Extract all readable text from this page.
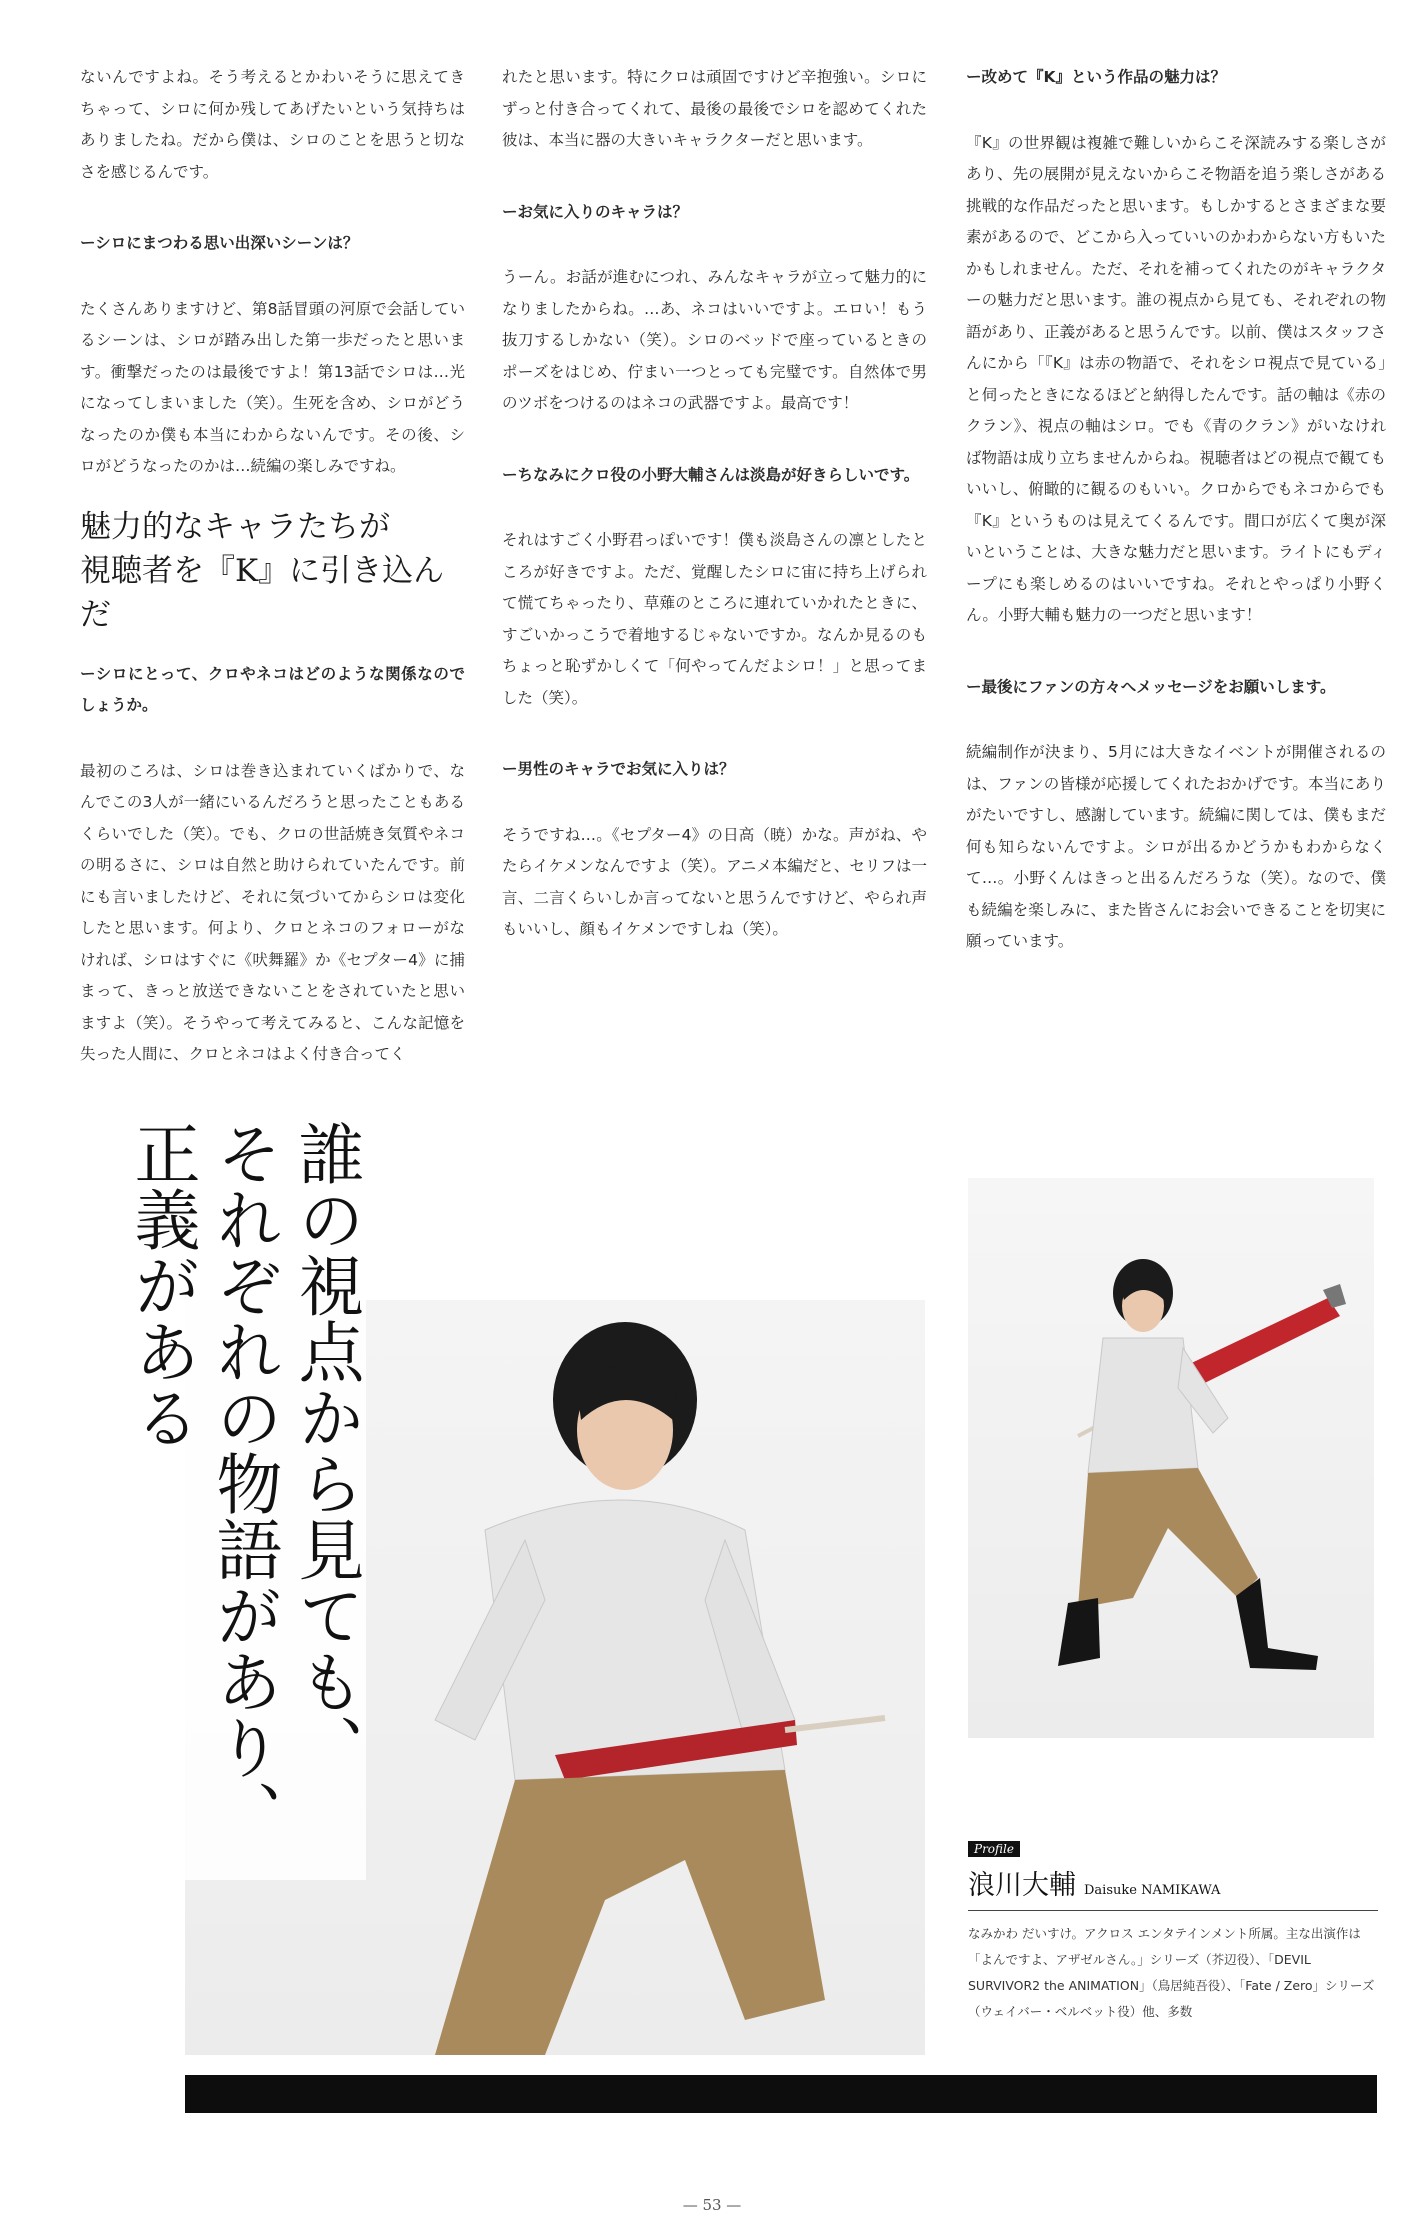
ないんですよね。そう考えるとかわいそうに思えてきちゃって、シロに何か残してあげたいという気持ちはありましたね。だから僕は、シロのことを思うと切なさを感じるんです。

ーシロにまつわる思い出深いシーンは？

たくさんありますけど、第8話冒頭の河原で会話しているシーンは、シロが踏み出した第一歩だったと思います。衝撃だったのは最後ですよ！第13話でシロは…光になってしまいました（笑）。生死を含め、シロがどうなったのか僕も本当にわからないんです。その後、シロがどうなったのかは…続編の楽しみですね。

魅力的なキャラたちが
視聴者を『K』に引き込んだ

ーシロにとって、クロやネコはどのような関係なのでしょうか。

最初のころは、シロは巻き込まれていくばかりで、なんでこの3人が一緒にいるんだろうと思ったこともあるくらいでした（笑）。でも、クロの世話焼き気質やネコの明るさに、シロは自然と助けられていたんです。前にも言いましたけど、それに気づいてからシロは変化したと思います。何より、クロとネコのフォローがなければ、シロはすぐに《吠舞羅》か《セプター4》に捕まって、きっと放送できないことをされていたと思いますよ（笑）。そうやって考えてみると、こんな記憶を失った人間に、クロとネコはよく付き合ってく

れたと思います。特にクロは頑固ですけど辛抱強い。シロにずっと付き合ってくれて、最後の最後でシロを認めてくれた彼は、本当に器の大きいキャラクターだと思います。

ーお気に入りのキャラは？

うーん。お話が進むにつれ、みんなキャラが立って魅力的になりましたからね。…あ、ネコはいいですよ。エロい！もう抜刀するしかない（笑）。シロのベッドで座っているときのポーズをはじめ、佇まい一つとっても完璧です。自然体で男のツボをつけるのはネコの武器ですよ。最高です！

ーちなみにクロ役の小野大輔さんは淡島が好きらしいです。

それはすごく小野君っぽいです！僕も淡島さんの凛としたところが好きですよ。ただ、覚醒したシロに宙に持ち上げられて慌てちゃったり、草薙のところに連れていかれたときに、すごいかっこうで着地するじゃないですか。なんか見るのもちょっと恥ずかしくて「何やってんだよシロ！」と思ってました（笑）。

ー男性のキャラでお気に入りは？

そうですね…。《セプター4》の日高（暁）かな。声がね、やたらイケメンなんですよ（笑）。アニメ本編だと、セリフは一言、二言くらいしか言ってないと思うんですけど、やられ声もいいし、顔もイケメンですしね（笑）。

ー改めて『K』という作品の魅力は？

『K』の世界観は複雑で難しいからこそ深読みする楽しさがあり、先の展開が見えないからこそ物語を追う楽しさがある挑戦的な作品だったと思います。もしかするとさまざまな要素があるので、どこから入っていいのかわからない方もいたかもしれません。ただ、それを補ってくれたのがキャラクターの魅力だと思います。誰の視点から見ても、それぞれの物語があり、正義があると思うんです。以前、僕はスタッフさんにから「『K』は赤の物語で、それをシロ視点で見ている」と伺ったときになるほどと納得したんです。話の軸は《赤のクラン》、視点の軸はシロ。でも《青のクラン》がいなければ物語は成り立ちませんからね。視聴者はどの視点で観てもいいし、俯瞰的に観るのもいい。クロからでもネコからでも『K』というものは見えてくるんです。間口が広くて奥が深いということは、大きな魅力だと思います。ライトにもディープにも楽しめるのはいいですね。それとやっぱり小野くん。小野大輔も魅力の一つだと思います！

ー最後にファンの方々へメッセージをお願いします。

続編制作が決まり、5月には大きなイベントが開催されるのは、ファンの皆様が応援してくれたおかげです。本当にありがたいですし、感謝しています。続編に関しては、僕もまだ何も知らないんですよ。シロが出るかどうかもわからなくて…。小野くんはきっと出るんだろうな（笑）。なので、僕も続編を楽しみに、また皆さんにお会いできることを切実に願っています。

誰の視点から見ても、
それぞれの物語があり、
正義がある
Profile
浪川大輔 Daisuke NAMIKAWA
なみかわ だいすけ。アクロス エンタテインメント所属。主な出演作は「よんですよ、アザゼルさん。」シリーズ（芥辺役）、「DEVIL SURVIVOR2 the ANIMATION」（鳥居純吾役）、「Fate / Zero」シリーズ（ウェイバー・ベルベット役）他、多数
— 53 —
